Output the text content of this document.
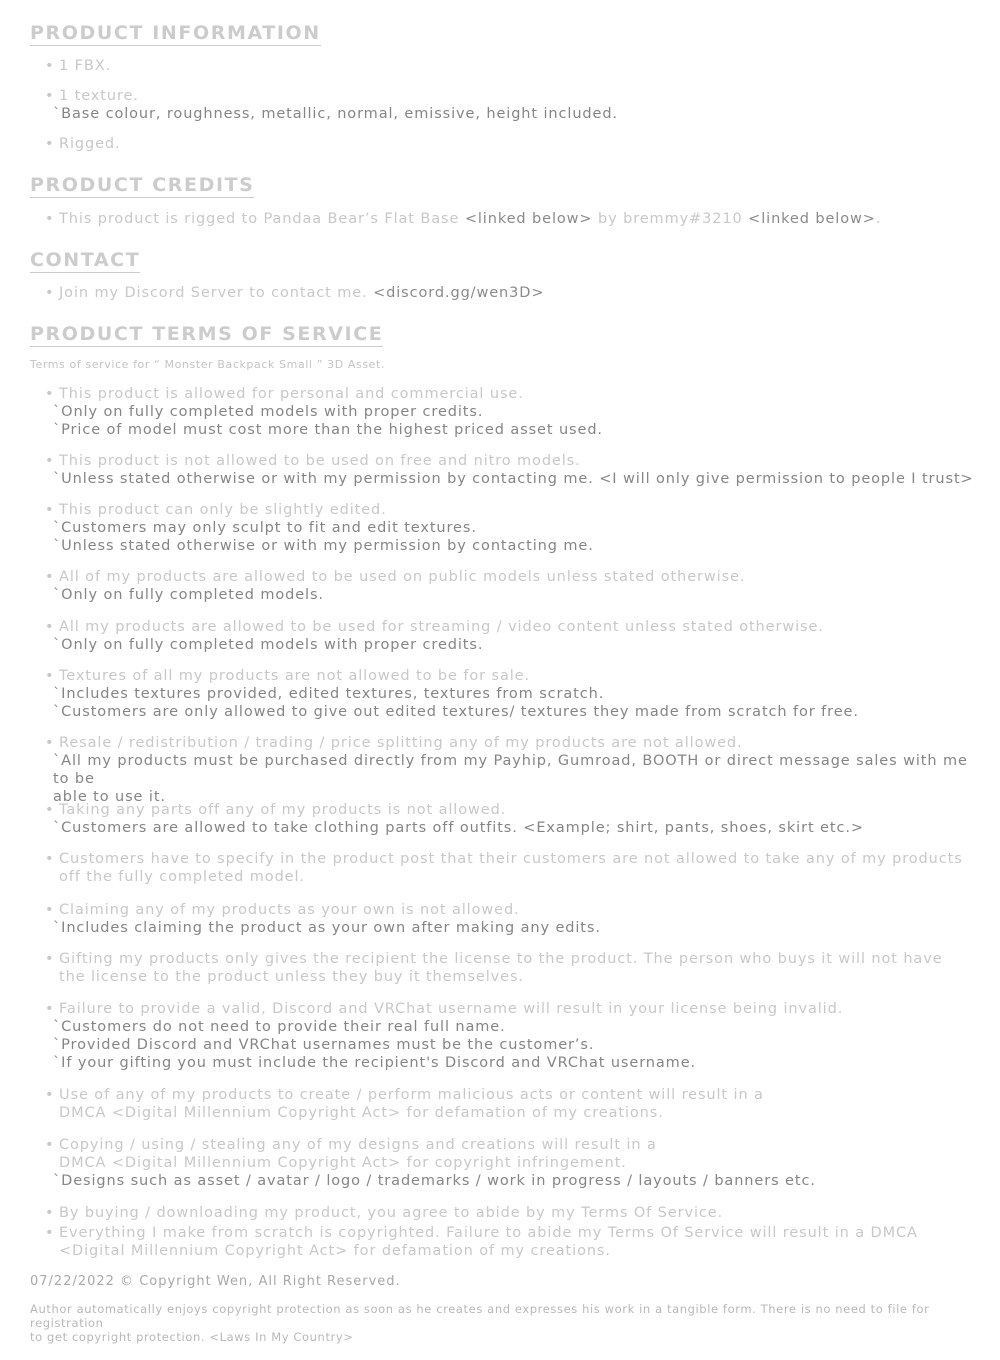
PRODUCT INFORMATION
• 1 FBX.
• 1 texture.
`Base colour, roughness, metallic, normal, emissive, height included.
• Rigged.
PRODUCT CREDITS
• This product is rigged to Pandaa Bear’s Flat Base <linked below> by bremmy#3210 <linked below>.
CONTACT
• Join my Discord Server to contact me. <discord.gg/wen3D>
PRODUCT TERMS OF SERVICE
Terms of service for “ Monster Backpack Small ” 3D Asset.
• This product is allowed for personal and commercial use.
`Only on fully completed models with proper credits.
`Price of model must cost more than the highest priced asset used.
• This product is not allowed to be used on free and nitro models.
`Unless stated otherwise or with my permission by contacting me. <I will only give permission to people I trust>
• This product can only be slightly edited.
`Customers may only sculpt to fit and edit textures.
`Unless stated otherwise or with my permission by contacting me.
• All of my products are allowed to be used on public models unless stated otherwise.
`Only on fully completed models.
• All my products are allowed to be used for streaming / video content unless stated otherwise.
`Only on fully completed models with proper credits.
• Textures of all my products are not allowed to be for sale.
`Includes textures provided, edited textures, textures from scratch.
`Customers are only allowed to give out edited textures/ textures they made from scratch for free.
• Resale / redistribution / trading / price splitting any of my products are not allowed.
`All my products must be purchased directly from my Payhip, Gumroad, BOOTH or direct message sales with me to be
able to use it.
• Taking any parts off any of my products is not allowed.
`Customers are allowed to take clothing parts off outfits. <Example; shirt, pants, shoes, skirt etc.>
• Customers have to specify in the product post that their customers are not allowed to take any of my products
off the fully completed model.
• Claiming any of my products as your own is not allowed.
`Includes claiming the product as your own after making any edits.
• Gifting my products only gives the recipient the license to the product. The person who buys it will not have
the license to the product unless they buy it themselves.
• Failure to provide a valid, Discord and VRChat username will result in your license being invalid.
`Customers do not need to provide their real full name.
`Provided Discord and VRChat usernames must be the customer’s.
`If your gifting you must include the recipient's Discord and VRChat username.
• Use of any of my products to create / perform malicious acts or content will result in a
DMCA <Digital Millennium Copyright Act> for defamation of my creations.
• Copying / using / stealing any of my designs and creations will result in a
DMCA <Digital Millennium Copyright Act> for copyright infringement.
`Designs such as asset / avatar / logo / trademarks / work in progress / layouts / banners etc.
• By buying / downloading my product, you agree to abide by my Terms Of Service.
• Everything I make from scratch is copyrighted. Failure to abide my Terms Of Service will result in a DMCA
<Digital Millennium Copyright Act> for defamation of my creations.
07/22/2022 © Copyright Wen, All Right Reserved.
Author automatically enjoys copyright protection as soon as he creates and expresses his work in a tangible form. There is no need to file for registration
to get copyright protection. <Laws In My Country>
